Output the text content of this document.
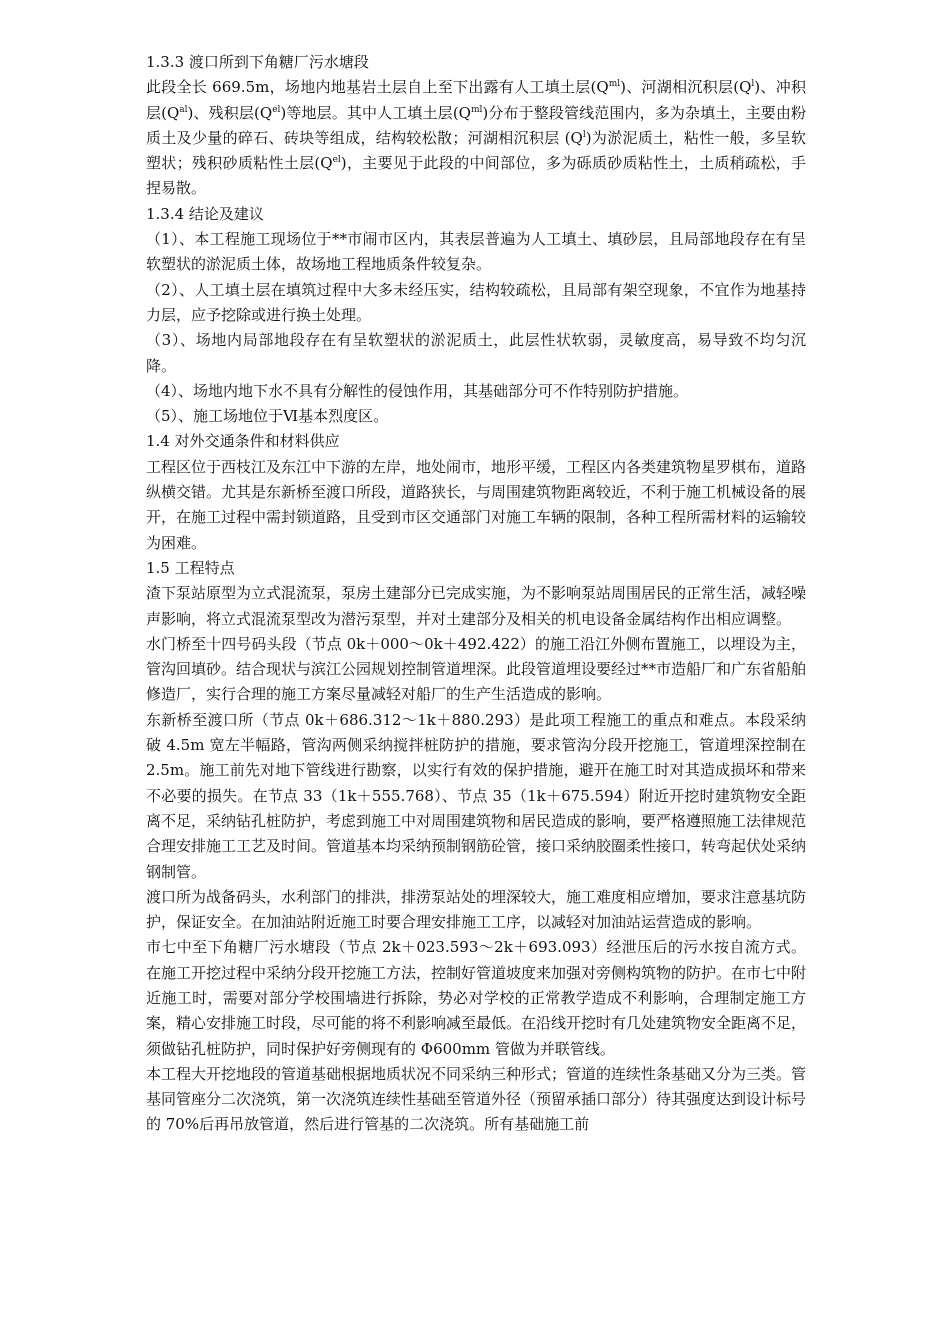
1.3.3 渡口所到下角糖厂污水塘段

此段全长 669.5m，场地内地基岩土层自上至下出露有人工填土层$(Q^{ml})$、河湖相沉积层$(Q^l)$、冲积层$(Q^{al})$、残积层$(Q^{el})$等地层。其中人工填土层$(Q^{ml})$分布于整段管线范围内，多为杂填土，主要由粉质土及少量的碎石、砖块等组成，结构较松散；河湖相沉积层 $(Q^l)$为淤泥质土，粘性一般，多呈软塑状；残积砂质粘性土层$(Q^{el})$，主要见于此段的中间部位，多为砾质砂质粘性土，土质稍疏松，手捏易散。

1.3.4 结论及建议

（1）、本工程施工现场位于**市闹市区内，其表层普遍为人工填土、填砂层，且局部地段存在有呈软塑状的淤泥质土体，故场地工程地质条件较复杂。

（2）、人工填土层在填筑过程中大多未经压实，结构较疏松，且局部有架空现象，不宜作为地基持力层，应予挖除或进行换土处理。

（3）、场地内局部地段存在有呈软塑状的淤泥质土，此层性状软弱，灵敏度高，易导致不均匀沉降。

（4）、场地内地下水不具有分解性的侵蚀作用，其基础部分可不作特别防护措施。

（5）、施工场地位于Ⅵ基本烈度区。

1.4 对外交通条件和材料供应

工程区位于西枝江及东江中下游的左岸，地处闹市，地形平缓，工程区内各类建筑物星罗棋布，道路纵横交错。尤其是东新桥至渡口所段，道路狭长，与周围建筑物距离较近，不利于施工机械设备的展开，在施工过程中需封锁道路，且受到市区交通部门对施工车辆的限制，各种工程所需材料的运输较为困难。

1.5 工程特点

渣下泵站原型为立式混流泵，泵房土建部分已完成实施，为不影响泵站周围居民的正常生活，减轻噪声影响，将立式混流泵型改为潜污泵型，并对土建部分及相关的机电设备金属结构作出相应调整。

水门桥至十四号码头段（节点 0k＋000～0k＋492.422）的施工沿江外侧布置施工，以埋设为主，管沟回填砂。结合现状与滨江公园规划控制管道埋深。此段管道埋设要经过**市造船厂和广东省船舶修造厂，实行合理的施工方案尽量减轻对船厂的生产生活造成的影响。

东新桥至渡口所（节点 0k＋686.312～1k＋880.293）是此项工程施工的重点和难点。本段采纳破 4.5m 宽左半幅路，管沟两侧采纳搅拌桩防护的措施，要求管沟分段开挖施工，管道埋深控制在 2.5m。施工前先对地下管线进行勘察，以实行有效的保护措施，避开在施工时对其造成损坏和带来不必要的损失。在节点 33（1k＋555.768）、节点 35（1k＋675.594）附近开挖时建筑物安全距离不足，采纳钻孔桩防护，考虑到施工中对周围建筑物和居民造成的影响，要严格遵照施工法律规范合理安排施工工艺及时间。管道基本均采纳预制钢筋砼管，接口采纳胶圈柔性接口，转弯起伏处采纳钢制管。

渡口所为战备码头，水利部门的排洪，排涝泵站处的埋深较大，施工难度相应增加，要求注意基坑防护，保证安全。在加油站附近施工时要合理安排施工工序，以减轻对加油站运营造成的影响。

市七中至下角糖厂污水塘段（节点 2k＋023.593～2k＋693.093）经泄压后的污水按自流方式。在施工开挖过程中采纳分段开挖施工方法，控制好管道坡度来加强对旁侧构筑物的防护。在市七中附近施工时，需要对部分学校围墙进行拆除，势必对学校的正常教学造成不利影响，合理制定施工方案，精心安排施工时段，尽可能的将不利影响减至最低。在沿线开挖时有几处建筑物安全距离不足，须做钻孔桩防护，同时保护好旁侧现有的 Φ600mm 管做为并联管线。

本工程大开挖地段的管道基础根据地质状况不同采纳三种形式；管道的连续性条基础又分为三类。管基同管座分二次浇筑，第一次浇筑连续性基础至管道外径（预留承插口部分）待其强度达到设计标号的 70%后再吊放管道，然后进行管基的二次浇筑。所有基础施工前
